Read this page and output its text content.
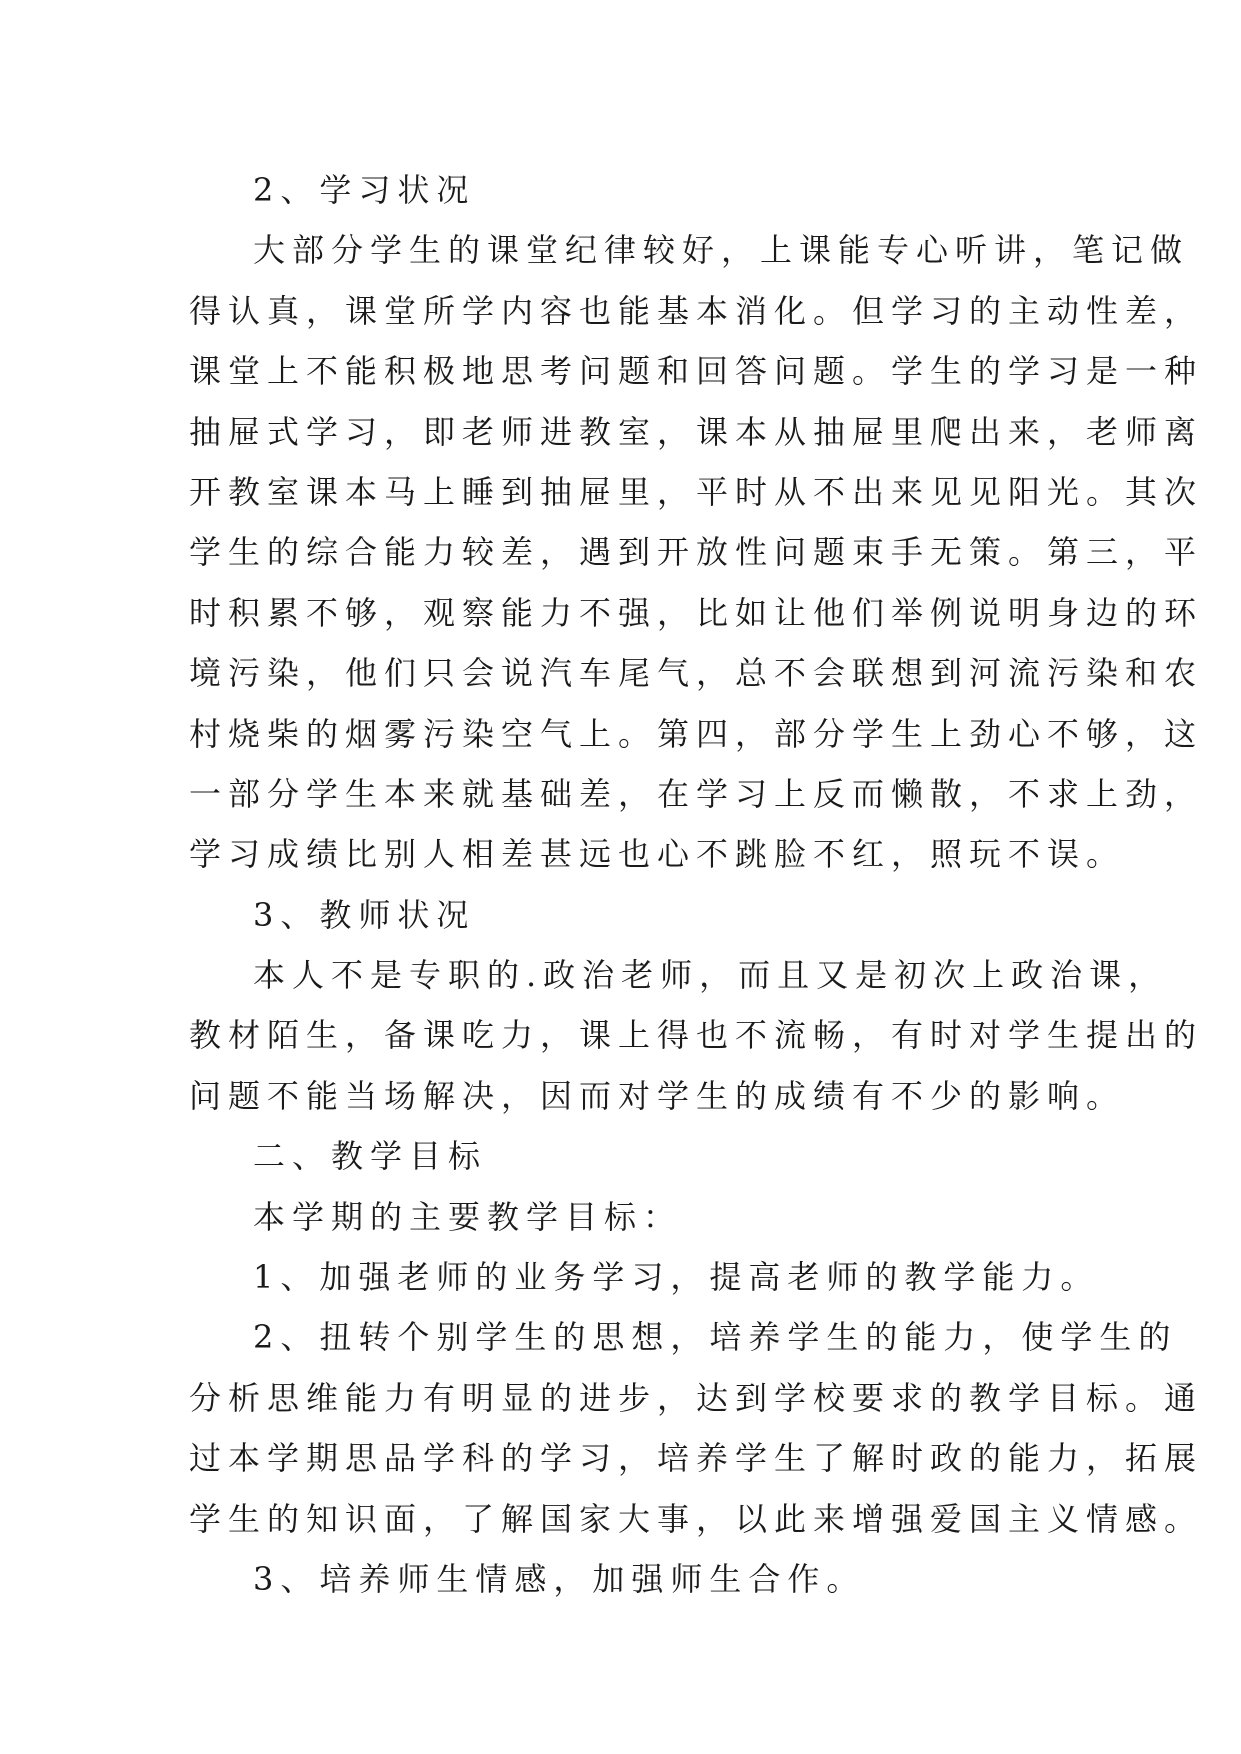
2、学习状况
大部分学生的课堂纪律较好，上课能专心听讲，笔记做
得认真，课堂所学内容也能基本消化。但学习的主动性差，
课堂上不能积极地思考问题和回答问题。学生的学习是一种
抽屉式学习，即老师进教室，课本从抽屉里爬出来，老师离
开教室课本马上睡到抽屉里，平时从不出来见见阳光。其次
学生的综合能力较差，遇到开放性问题束手无策。第三，平
时积累不够，观察能力不强，比如让他们举例说明身边的环
境污染，他们只会说汽车尾气，总不会联想到河流污染和农
村烧柴的烟雾污染空气上。第四，部分学生上劲心不够，这
一部分学生本来就基础差，在学习上反而懒散，不求上劲，
学习成绩比别人相差甚远也心不跳脸不红，照玩不误。
3、教师状况
本人不是专职的.政治老师，而且又是初次上政治课，
教材陌生，备课吃力，课上得也不流畅，有时对学生提出的
问题不能当场解决，因而对学生的成绩有不少的影响。
二、教学目标
本学期的主要教学目标：
1、加强老师的业务学习，提高老师的教学能力。
2、扭转个别学生的思想，培养学生的能力，使学生的
分析思维能力有明显的进步，达到学校要求的教学目标。通
过本学期思品学科的学习，培养学生了解时政的能力，拓展
学生的知识面，了解国家大事，以此来增强爱国主义情感。
3、培养师生情感，加强师生合作。
